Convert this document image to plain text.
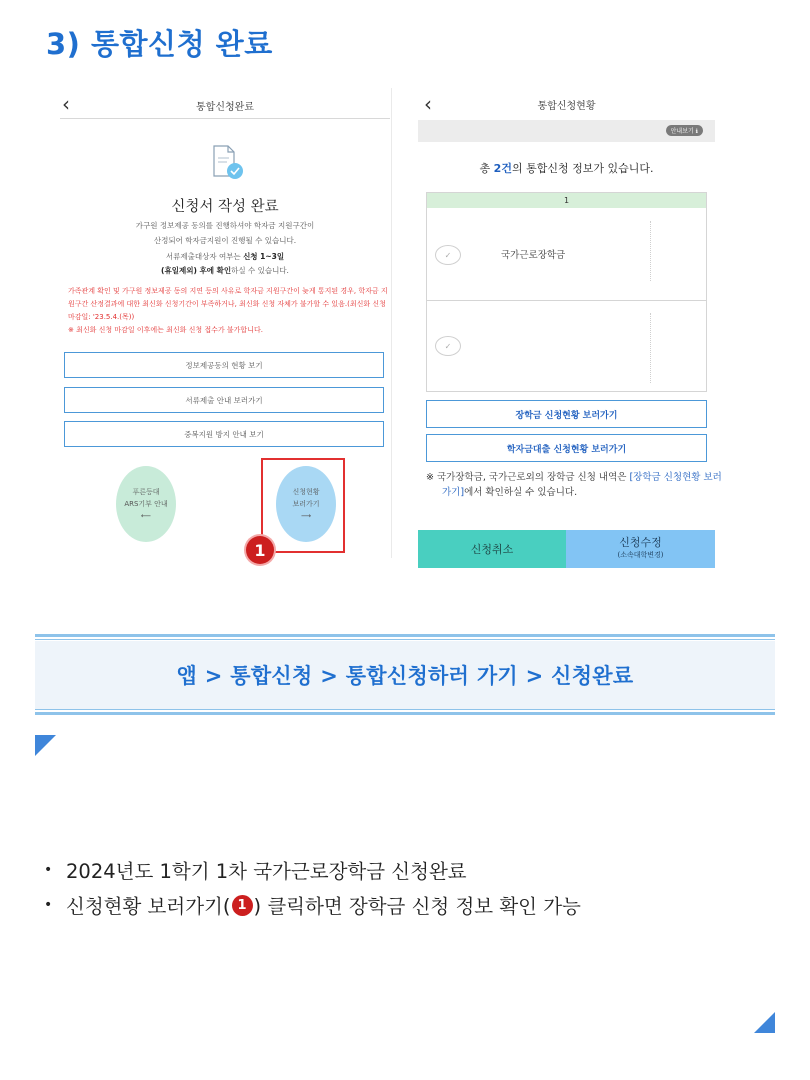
3) 통합신청 완료
‹	통합신청완료
신청서 작성 완료
가구원 정보제공 동의를 진행하셔야 학자금 지원구간이
산정되어 학자금지원이 진행될 수 있습니다.
서류제출대상자 여부는 신청 1~3일
(휴일제외) 후에 확인하실 수 있습니다.
가족관계 확인 및 가구원 정보제공 동의 지연 등의 사유로 학자금 지원구간이 늦게 통지된 경우, 학자금 지원구간 산정결과에 대한 최신화 신청기간이 부족하거나, 최신화 신청 자체가 불가할 수 있음.(최신화 신청 마감일: '23.5.4.(목))
※ 최신화 신청 마감일 이후에는 최신화 신청 접수가 불가합니다.
정보제공동의 현황 보기
서류제출 안내 보러가기
중복지원 방지 안내 보기
푸른등대
ARS기부 안내
⟵
신청현황
보러가기
⟶
1
‹	통합신청현황
안내보기 ℹ
총 2건의 통합신청 정보가 있습니다.
1
✓	국가근로장학금
✓
장학금 신청현황 보러가기
학자금대출 신청현황 보러가기
※ 국가장학금, 국가근로외의 장학금 신청 내역은 [장학금 신청현황 보러가기]에서 확인하실 수 있습니다.
신청취소
신청수정
(소속대학변경)
앱 > 통합신청 > 통합신청하러 가기 > 신청완료
• 2024년도 1학기 1차 국가근로장학금 신청완료
• 신청현황 보러가기( 1 ) 클릭하면 장학금 신청 정보 확인 가능
